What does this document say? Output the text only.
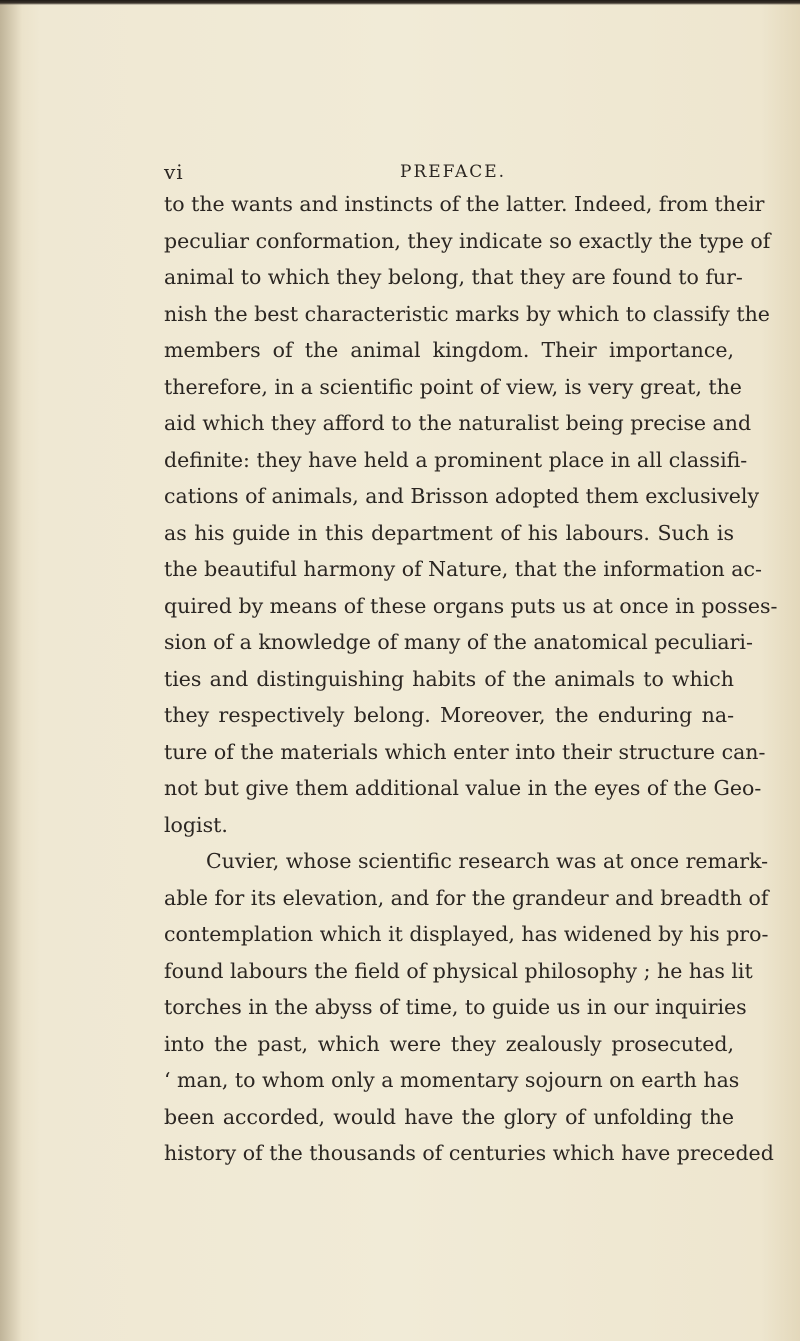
vi	PREFACE.
to the wants and instincts of the latter. Indeed, from their
peculiar conformation, they indicate so exactly the type of
animal to which they belong, that they are found to fur-
nish the best characteristic marks by which to classify the
members of the animal kingdom. Their importance,
therefore, in a scientific point of view, is very great, the
aid which they afford to the naturalist being precise and
definite: they have held a prominent place in all classifi-
cations of animals, and Brisson adopted them exclusively
as his guide in this department of his labours. Such is
the beautiful harmony of Nature, that the information ac-
quired by means of these organs puts us at once in posses-
sion of a knowledge of many of the anatomical peculiari-
ties and distinguishing habits of the animals to which
they respectively belong. Moreover, the enduring na-
ture of the materials which enter into their structure can-
not but give them additional value in the eyes of the Geo-
logist.
Cuvier, whose scientific research was at once remark-
able for its elevation, and for the grandeur and breadth of
contemplation which it displayed, has widened by his pro-
found labours the field of physical philosophy ; he has lit
torches in the abyss of time, to guide us in our inquiries
into the past, which were they zealously prosecuted,
‘ man, to whom only a momentary sojourn on earth has
been accorded, would have the glory of unfolding the
history of the thousands of centuries which have preceded
